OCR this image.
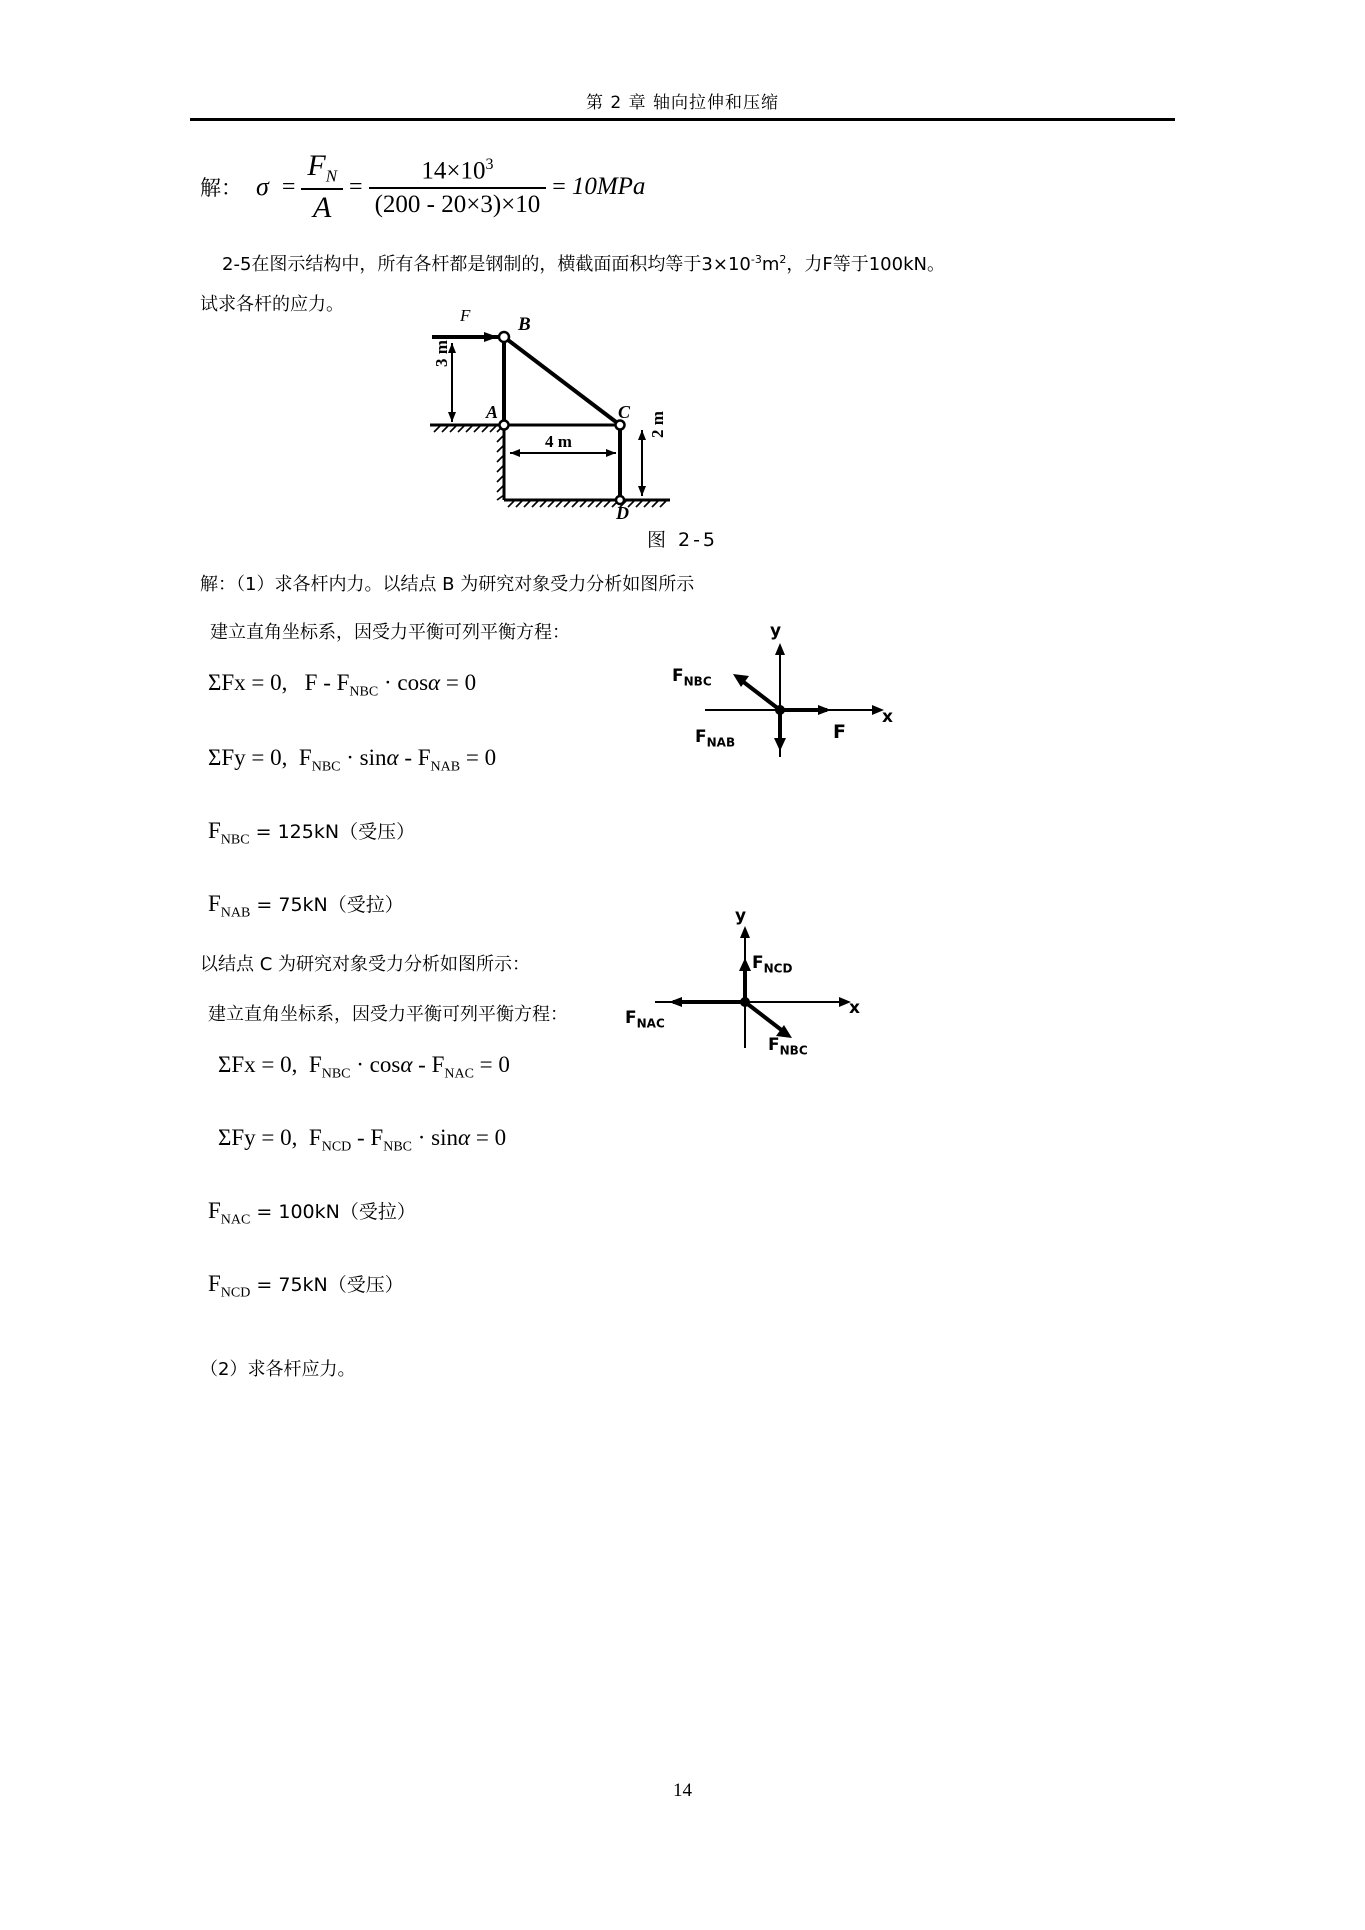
第 2 章 轴向拉伸和压缩
解： $\sigma = \frac{F_N}{A} = \frac{14\times 10^3}{(200 - 20\times 3)\times 10} = 10MPa$
2-5在图示结构中，所有各杆都是钢制的，横截面面积均等于$3\times 10^{-3}m^2$，力F等于100kN。
试求各杆的应力。
F	B
A	C
D
3 m
4 m
2 m
图 2-5
解：（1）求各杆内力。以结点 B 为研究对象受力分析如图所示
建立直角坐标系，因受力平衡可列平衡方程：
ΣFx = 0, $F - F_{NBC} \cdot \cos\alpha = 0$
ΣFy = 0, $F_{NBC} \cdot \sin\alpha - F_{NAB} = 0$
$F_{NBC} = 125kN$（受压）
$F_{NAB} = 75kN$（受拉）
以结点 C 为研究对象受力分析如图所示：
建立直角坐标系，因受力平衡可列平衡方程：
ΣFx = 0, $F_{NBC} \cdot \cos\alpha - F_{NAC} = 0$
ΣFy = 0, $F_{NCD} - F_{NBC} \cdot \sin\alpha = 0$
$F_{NAC} = 100kN$（受拉）
$F_{NCD} = 75kN$（受压）
（2）求各杆应力。
y
x
$F_{NBC}$
$F_{NAB}$	F
y
x
$F_{NCD}$
$F_{NAC}$
$F_{NBC}$
14
